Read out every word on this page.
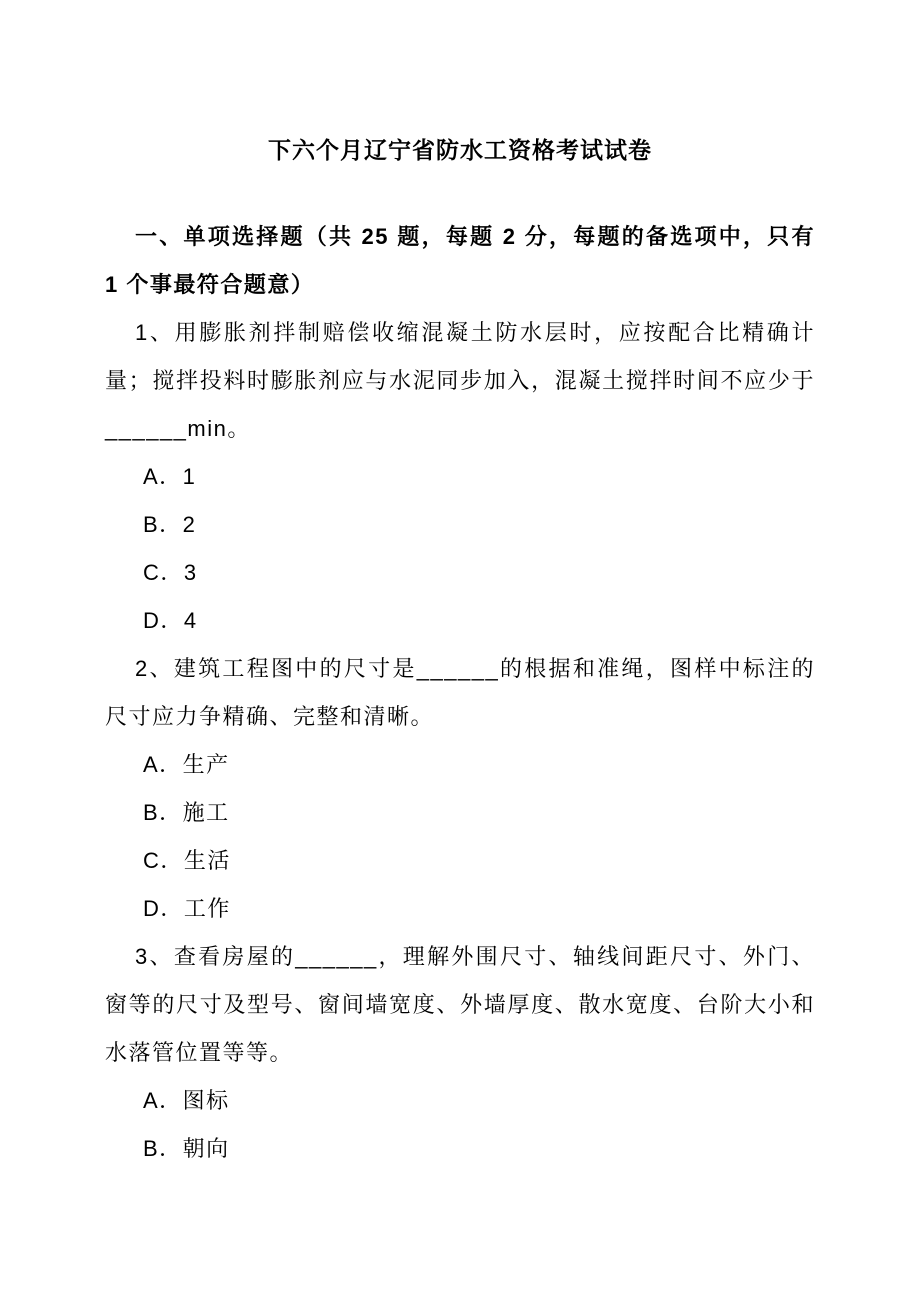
下六个月辽宁省防水工资格考试试卷

一、单项选择题（共 25 题，每题 2 分，每题的备选项中，只有 1 个事最符合题意）

1、用膨胀剂拌制赔偿收缩混凝土防水层时，应按配合比精确计量；搅拌投料时膨胀剂应与水泥同步加入，混凝土搅拌时间不应少于______min。

A．1

B．2

C．3

D．4

2、建筑工程图中的尺寸是______的根据和准绳，图样中标注的尺寸应力争精确、完整和清晰。

A．生产

B．施工

C．生活

D．工作

3、查看房屋的______，理解外围尺寸、轴线间距尺寸、外门、窗等的尺寸及型号、窗间墙宽度、外墙厚度、散水宽度、台阶大小和水落管位置等等。

A．图标

B．朝向
